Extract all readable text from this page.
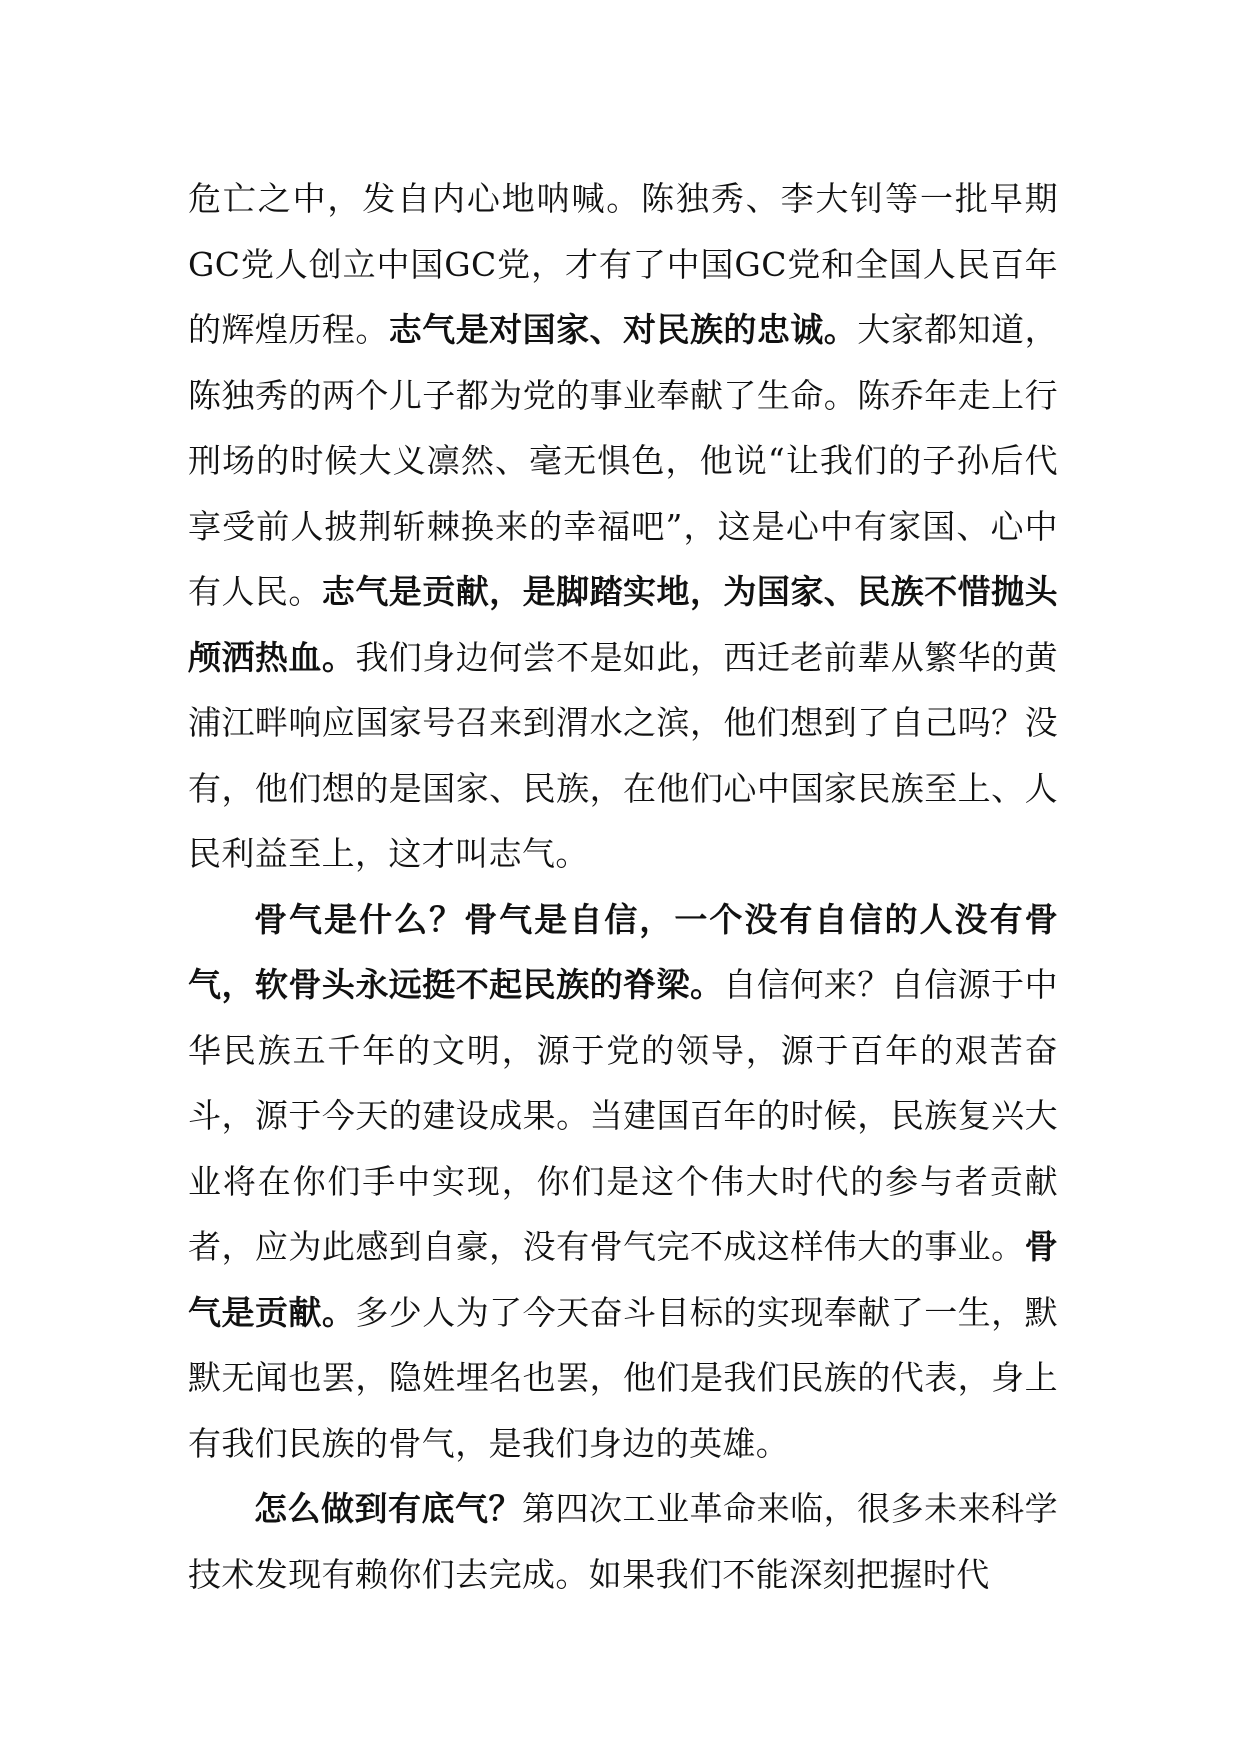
危亡之中，发自内心地呐喊。陈独秀、李大钊等一批早期GC党人创立中国GC党，才有了中国GC党和全国人民百年的辉煌历程。志气是对国家、对民族的忠诚。大家都知道，陈独秀的两个儿子都为党的事业奉献了生命。陈乔年走上行刑场的时候大义凛然、毫无惧色，他说“让我们的子孙后代享受前人披荆斩棘换来的幸福吧”，这是心中有家国、心中有人民。志气是贡献，是脚踏实地，为国家、民族不惜抛头颅洒热血。我们身边何尝不是如此，西迁老前辈从繁华的黄浦江畔响应国家号召来到渭水之滨，他们想到了自己吗？没有，他们想的是国家、民族，在他们心中国家民族至上、人民利益至上，这才叫志气。

骨气是什么？骨气是自信，一个没有自信的人没有骨气，软骨头永远挺不起民族的脊梁。自信何来？自信源于中华民族五千年的文明，源于党的领导，源于百年的艰苦奋斗，源于今天的建设成果。当建国百年的时候，民族复兴大业将在你们手中实现，你们是这个伟大时代的参与者贡献者，应为此感到自豪，没有骨气完不成这样伟大的事业。骨气是贡献。多少人为了今天奋斗目标的实现奉献了一生，默默无闻也罢，隐姓埋名也罢，他们是我们民族的代表，身上有我们民族的骨气，是我们身边的英雄。

怎么做到有底气？第四次工业革命来临，很多未来科学技术发现有赖你们去完成。如果我们不能深刻把握时代
